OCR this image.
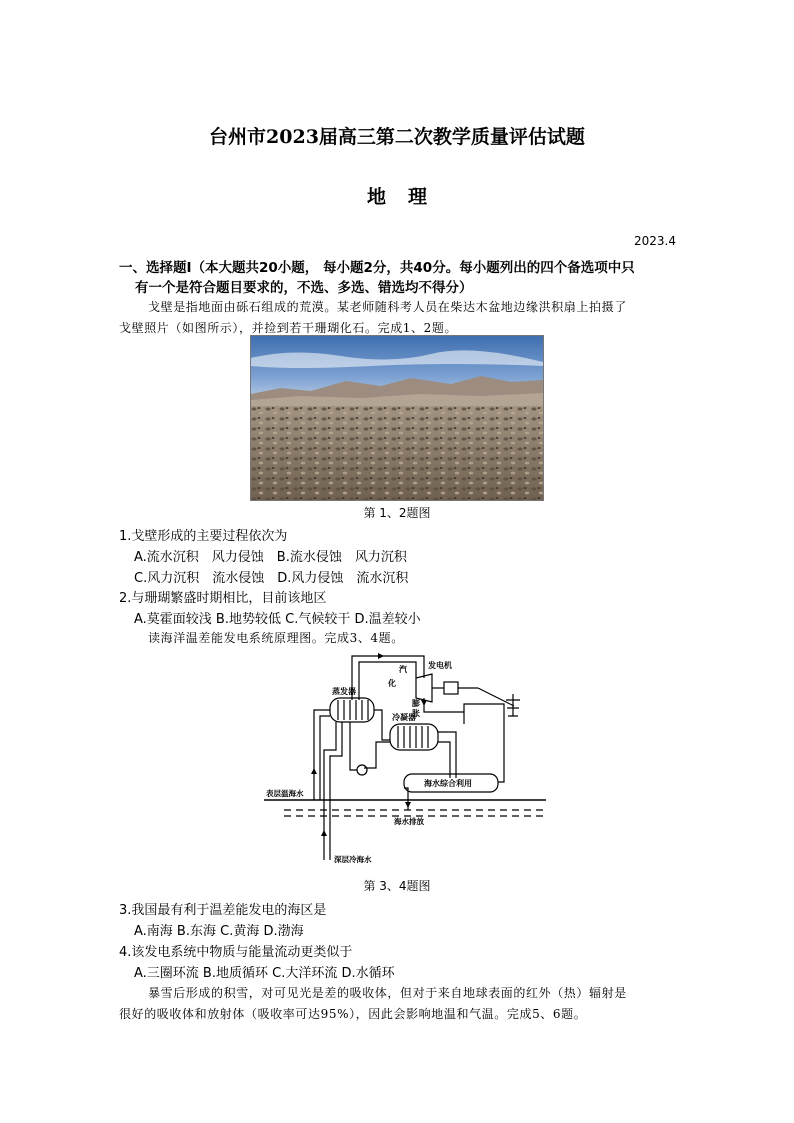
台州市2023届高三第二次教学质量评估试题
地理
2023.4
一、选择题Ⅰ（本大题共20小题， 每小题2分，共40分。每小题列出的四个备选项中只
有一个是符合题目要求的，不选、多选、错选均不得分）
戈壁是指地面由砾石组成的荒漠。某老师随科考人员在柴达木盆地边缘洪积扇上拍摄了
戈壁照片（如图所示），并捡到若干珊瑚化石。完成1、2题。
第 1、2题图
1.戈壁形成的主要过程依次为
A.流水沉积　风力侵蚀　B.流水侵蚀　风力沉积
C.风力沉积　流水侵蚀　D.风力侵蚀　流水沉积
2.与珊瑚繁盛时期相比，目前该地区
A.莫霍面较浅 B.地势较低 C.气候较干 D.温差较小
读海洋温差能发电系统原理图。完成3、4题。
汽
化
膨
胀
发电机
蒸发器
冷凝器
海水综合利用
表层温海水
海水排放
深层冷海水
第 3、4题图
3.我国最有利于温差能发电的海区是
A.南海 B.东海 C.黄海 D.渤海
4.该发电系统中物质与能量流动更类似于
A.三圈环流 B.地质循环 C.大洋环流 D.水循环
暴雪后形成的积雪，对可见光是差的吸收体，但对于来自地球表面的红外（热）辐射是
很好的吸收体和放射体（吸收率可达95%），因此会影响地温和气温。完成5、6题。
